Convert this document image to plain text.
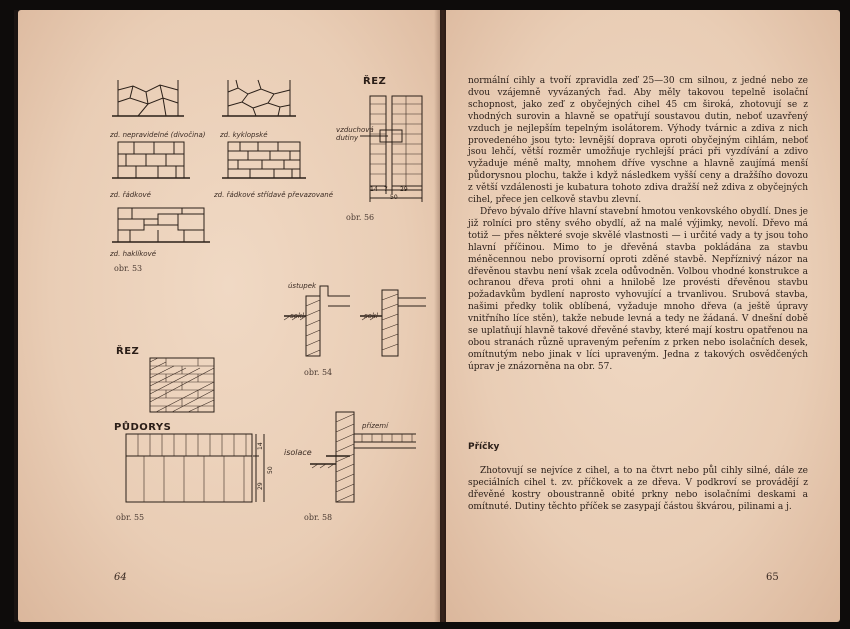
zd. nepravidelné (divočina) zd. kyklopské
zd. řádkové	zd. řádkové střídavě převazované
zd. haklíkové
obr. 53
ŘEZ
vzduchová dutiny
14 7 29
50
obr. 56
ústupek
sokl	sokl
obr. 54
ŘEZ
PŮDORYS
14
29
50
obr. 55
přízemí
isolace
obr. 58
64

normální cihly a tvoří zpravidla zeď 25—30 cm silnou, z jedné nebo ze dvou vzájemně vyvázaných řad. Aby měly takovou tepelně isolační schopnost, jako zeď z obyčejných cihel 45 cm široká, zhotovují se z vhodných surovin a hlavně se opatřují soustavou dutin, neboť uzavřený vzduch je nejlepším tepelným isolátorem. Výhody tvárnic a zdiva z nich provedeného jsou tyto: levnější doprava oproti obyčejným cihlám, neboť jsou lehčí, větší rozměr umožňuje rychlejší práci při vyzdívání a zdivo vyžaduje méně malty, mnohem dříve vyschne a hlavně zaujímá menší půdorysnou plochu, takže i když následkem vyšší ceny a dražšího dovozu z větší vzdálenosti je kubatura tohoto zdiva dražší než zdiva z obyčejných cihel, přece jen celkově stavbu zlevní.

Dřevo bývalo dříve hlavní stavební hmotou venkovského obydlí. Dnes je již rolníci pro stěny svého obydlí, až na malé výjimky, nevolí. Dřevo má totiž — přes některé svoje skvělé vlastnosti — i určité vady a ty jsou toho hlavní příčinou. Mimo to je dřevěná stavba pokládána za stavbu méněcennou nebo provisorní oproti zděné stavbě. Nepříznivý názor na dřevěnou stavbu není však zcela odůvodněn. Volbou vhodné konstrukce a ochranou dřeva proti ohni a hnilobě lze provésti dřevěnou stavbu požadavkům bydlení naprosto vyhovující a trvanlivou. Srubová stavba, našimi předky tolik oblíbená, vyžaduje mnoho dřeva (a ještě úpravy vnitřního líce stěn), takže nebude levná a tedy ne žádaná. V dnešní době se uplatňují hlavně takové dřevěné stavby, které mají kostru opatřenou na obou stranách různě upraveným peřením z prken nebo isolačních desek, omítnutým nebo jinak v líci upraveným. Jedna z takových osvědčených úprav je znázorněna na obr. 57.

Příčky

Zhotovují se nejvíce z cihel, a to na čtvrt nebo půl cihly silné, dále ze speciálních cihel t. zv. příčkovek a ze dřeva. V podkroví se provádějí z dřevěné kostry oboustranně obité prkny nebo isolačními deskami a omítnuté. Dutiny těchto příček se zasypají částou škvárou, pilinami a j.

65
